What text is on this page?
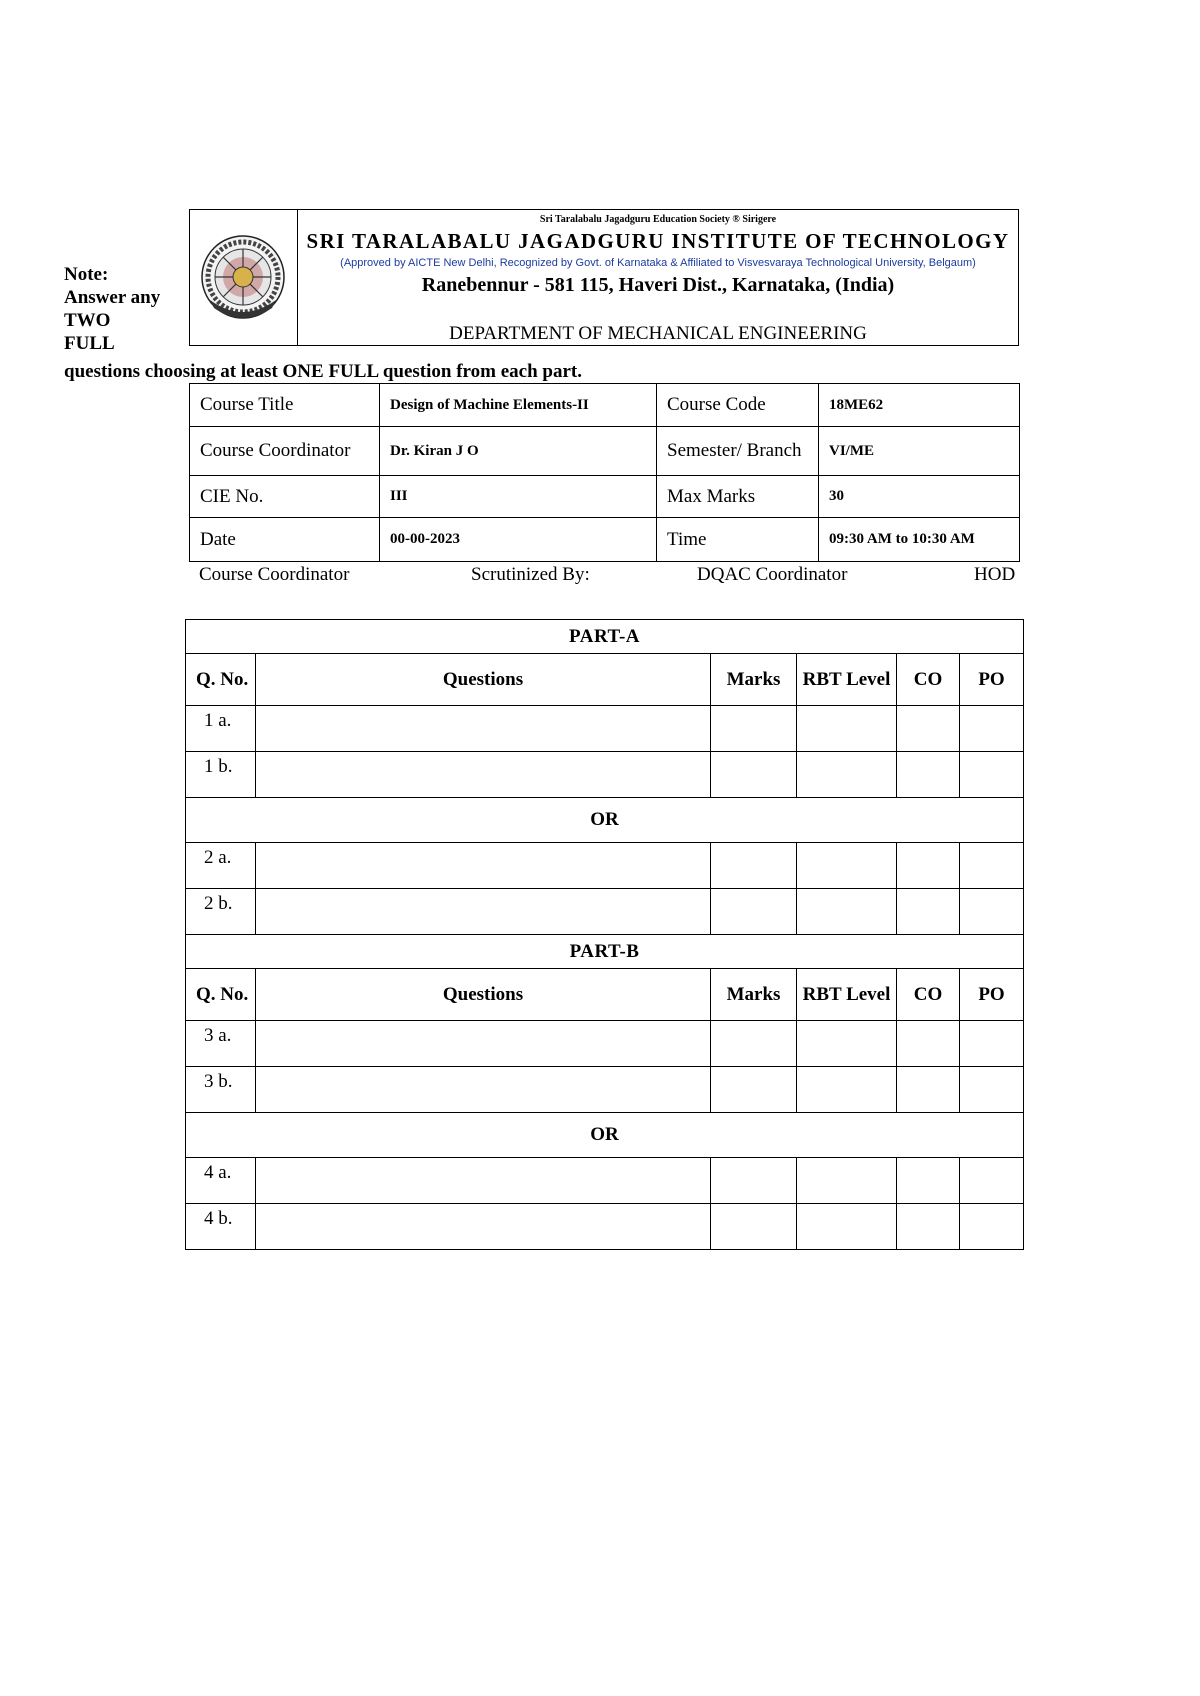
Note:
Answer any
TWO
FULL
questions choosing at least ONE FULL question from each part.
Sri Taralabalu Jagadguru Education Society ® Sirigere
SRI TARALABALU JAGADGURU INSTITUTE OF TECHNOLOGY
(Approved by AICTE New Delhi, Recognized by Govt. of Karnataka & Affiliated to Visvesvaraya Technological University, Belgaum)
Ranebennur - 581 115, Haveri Dist., Karnataka, (India)
DEPARTMENT OF MECHANICAL ENGINEERING
Course Title	Design of Machine Elements-II	Course Code	18ME62
Course Coordinator	Dr. Kiran J O	Semester/ Branch	VI/ME
CIE No.	III	Max Marks	30
Date	00-00-2023	Time	09:30 AM to 10:30 AM
Course Coordinator	Scrutinized By:	DQAC Coordinator	HOD
PART-A					
Q. No.	Questions	Marks	RBT Level	CO	PO
1 a.					
1 b.					
OR					
2 a.					
2 b.					
PART-B					
Q. No.	Questions	Marks	RBT Level	CO	PO
3 a.					
3 b.					
OR					
4 a.					
4 b.					
